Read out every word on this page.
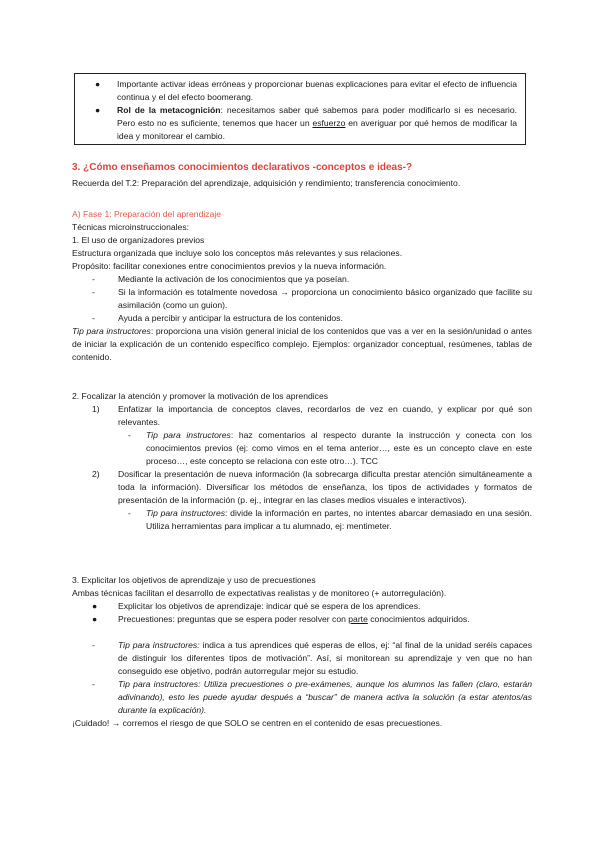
● Importante activar ideas erróneas y proporcionar buenas explicaciones para evitar el efecto de influencia continua y el del efecto boomerang.
● Rol de la metacognición: necesitamos saber qué sabemos para poder modificarlo si es necesario. Pero esto no es suficiente, tenemos que hacer un esfuerzo en averiguar por qué hemos de modificar la idea y monitorear el cambio.

3. ¿Cómo enseñamos conocimientos declarativos -conceptos e ideas-?

Recuerda del T.2: Preparación del aprendizaje, adquisición y rendimiento; transferencia conocimiento.

A) Fase 1: Preparación del aprendizaje

Técnicas microinstruccionales:

1. El uso de organizadores previos

Estructura organizada que incluye solo los conceptos más relevantes y sus relaciones.

Propósito: facilitar conexiones entre conocimientos previos y la nueva información.

-	Mediante la activación de los conocimientos que ya poseían.
-	Si la información es totalmente novedosa → proporciona un conocimiento básico organizado que facilite su asimilación (como un guion).
-	Ayuda a percibir y anticipar la estructura de los contenidos.

Tip para instructores: proporciona una visión general inicial de los contenidos que vas a ver en la sesión/unidad o antes de iniciar la explicación de un contenido específico complejo. Ejemplos: organizador conceptual, resúmenes, tablas de contenido.

2. Focalizar la atención y promover la motivación de los aprendices

1) Enfatizar la importancia de conceptos claves, recordarlos de vez en cuando, y explicar por qué son relevantes.
- Tip para instructores: haz comentarios al respecto durante la instrucción y conecta con los conocimientos previos (ej: como vimos en el tema anterior…, este es un concepto clave en este proceso…, este concepto se relaciona con este otro…). TCC
2) Dosificar la presentación de nueva información (la sobrecarga dificulta prestar atención simultáneamente a toda la información). Diversificar los métodos de enseñanza, los tipos de actividades y formatos de presentación de la información (p. ej., integrar en las clases medios visuales e interactivos).
- Tip para instructores: divide la información en partes, no intentes abarcar demasiado en una sesión. Utiliza herramientas para implicar a tu alumnado, ej: mentimeter.

3. Explicitar los objetivos de aprendizaje y uso de precuestiones

Ambas técnicas facilitan el desarrollo de expectativas realistas y de monitoreo (+ autorregulación).

● Explicitar los objetivos de aprendizaje: indicar qué se espera de los aprendices.
● Precuestiones: preguntas que se espera poder resolver con parte conocimientos adquiridos.
-	Tip para instructores: indica a tus aprendices qué esperas de ellos, ej: “al final de la unidad seréis capaces de distinguir los diferentes tipos de motivación”. Así, si monitorean su aprendizaje y ven que no han conseguido ese objetivo, podrán autorregular mejor su estudio.
-	Tip para instructores: Utiliza precuestiones o pre-exámenes, aunque los alumnos las fallen (claro, estarán adivinando), esto les puede ayudar después a “buscar” de manera activa la solución (a estar atentos/as durante la explicación).

¡Cuidado! → corremos el riesgo de que SOLO se centren en el contenido de esas precuestiones.
